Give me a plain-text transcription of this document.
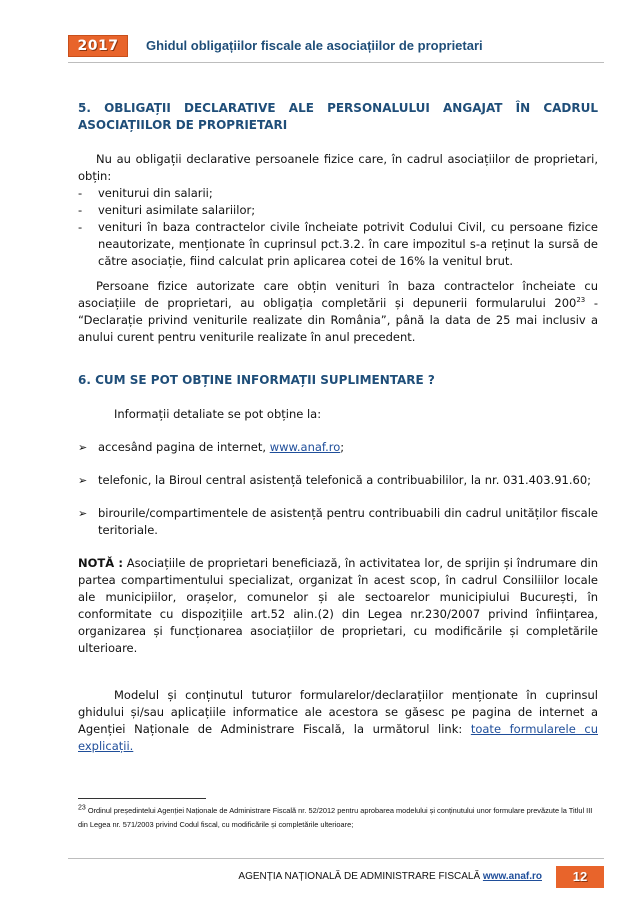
2017	Ghidul obligațiilor fiscale ale asociațiilor de proprietari

5. OBLIGAȚII DECLARATIVE ALE PERSONALULUI ANGAJAT ÎN CADRUL ASOCIAȚIILOR DE PROPRIETARI

Nu au obligații declarative persoanele fizice care, în cadrul asociațiilor de proprietari, obțin:

- veniturui din salarii;
- venituri asimilate salariilor;
- venituri în baza contractelor civile încheiate potrivit Codului Civil, cu persoane fizice neautorizate, menționate în cuprinsul pct.3.2. în care impozitul s-a reținut la sursă de către asociație, fiind calculat prin aplicarea cotei de 16% la venitul brut.

Persoane fizice autorizate care obțin venituri în baza contractelor încheiate cu asociațiile de proprietari, au obligația completării și depunerii formularului $200^{23}$ - “Declarație privind veniturile realizate din România”, până la data de 25 mai inclusiv a anului curent pentru veniturile realizate în anul precedent.

6. CUM SE POT OBȚINE INFORMAȚII SUPLIMENTARE ?

Informații detaliate se pot obține la:

➢ accesând pagina de internet, www.anaf.ro;
➢ telefonic, la Biroul central asistență telefonică a contribuabililor, la nr. 031.403.91.60;
➢ birourile/compartimentele de asistență pentru contribuabili din cadrul unităților fiscale teritoriale.

NOTĂ : Asociațiile de proprietari beneficiază, în activitatea lor, de sprijin și îndrumare din partea compartimentului specializat, organizat în acest scop, în cadrul Consiliilor locale ale municipiilor, orașelor, comunelor și ale sectoarelor municipiului București, în conformitate cu dispozițiile art.52 alin.(2) din Legea nr.230/2007 privind înființarea, organizarea și funcționarea asociațiilor de proprietari, cu modificările și completările ulterioare.

Modelul și conținutul tuturor formularelor/declarațiilor menționate în cuprinsul ghidului și/sau aplicațiile informatice ale acestora se găsesc pe pagina de internet a Agenției Naționale de Administrare Fiscală, la următorul link: toate formularele cu explicații.

$^{23}$ Ordinul președintelui Agenției Naționale de Administrare Fiscală nr. 52/2012 pentru aprobarea modelului și conținutului unor formulare prevăzute la Titlul III din Legea nr. 571/2003 privind Codul fiscal, cu modificările și completările ulterioare;
AGENȚIA NAȚIONALĂ DE ADMINISTRARE FISCALĂ www.anaf.ro	12
